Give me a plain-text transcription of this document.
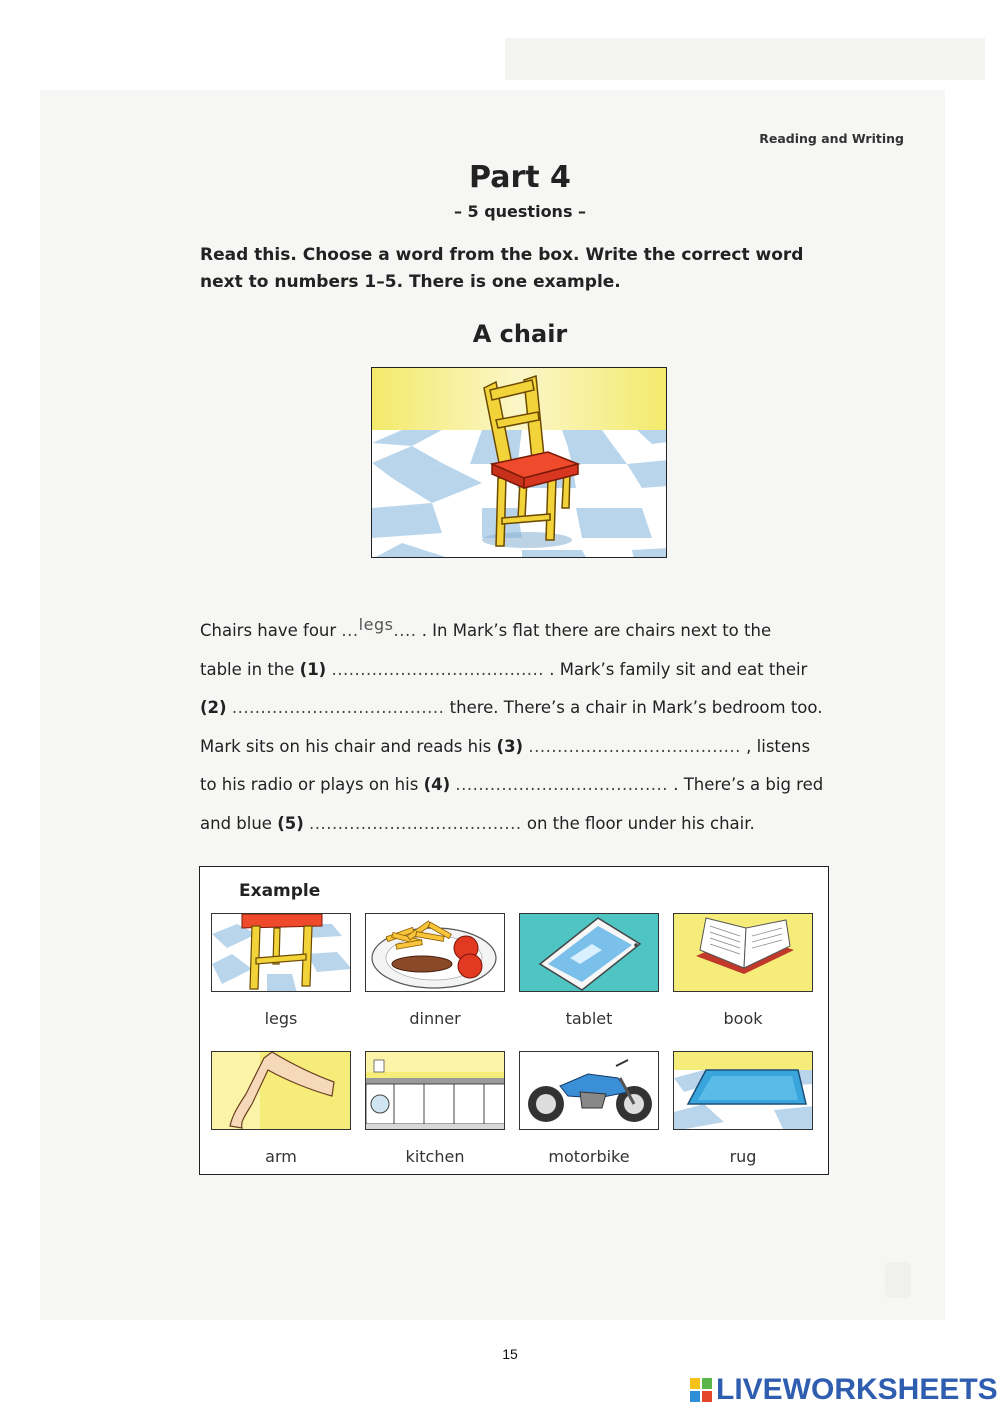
Reading and Writing
Part 4
– 5 questions –
Read this. Choose a word from the box. Write the correct word
next to numbers 1–5. There is one example.
A chair
Chairs have four ...legs.... . In Mark’s flat there are chairs next to the
table in the (1) ..................................... . Mark’s family sit and eat their
(2) ..................................... there. There’s a chair in Mark’s bedroom too.
Mark sits on his chair and reads his (3) ..................................... , listens
to his radio or plays on his (4) ..................................... . There’s a big red
and blue (5) ..................................... on the floor under his chair.
Example
legs	dinner	tablet	book
arm	kitchen	motorbike	rug
15
LIVEWORKSHEETS
